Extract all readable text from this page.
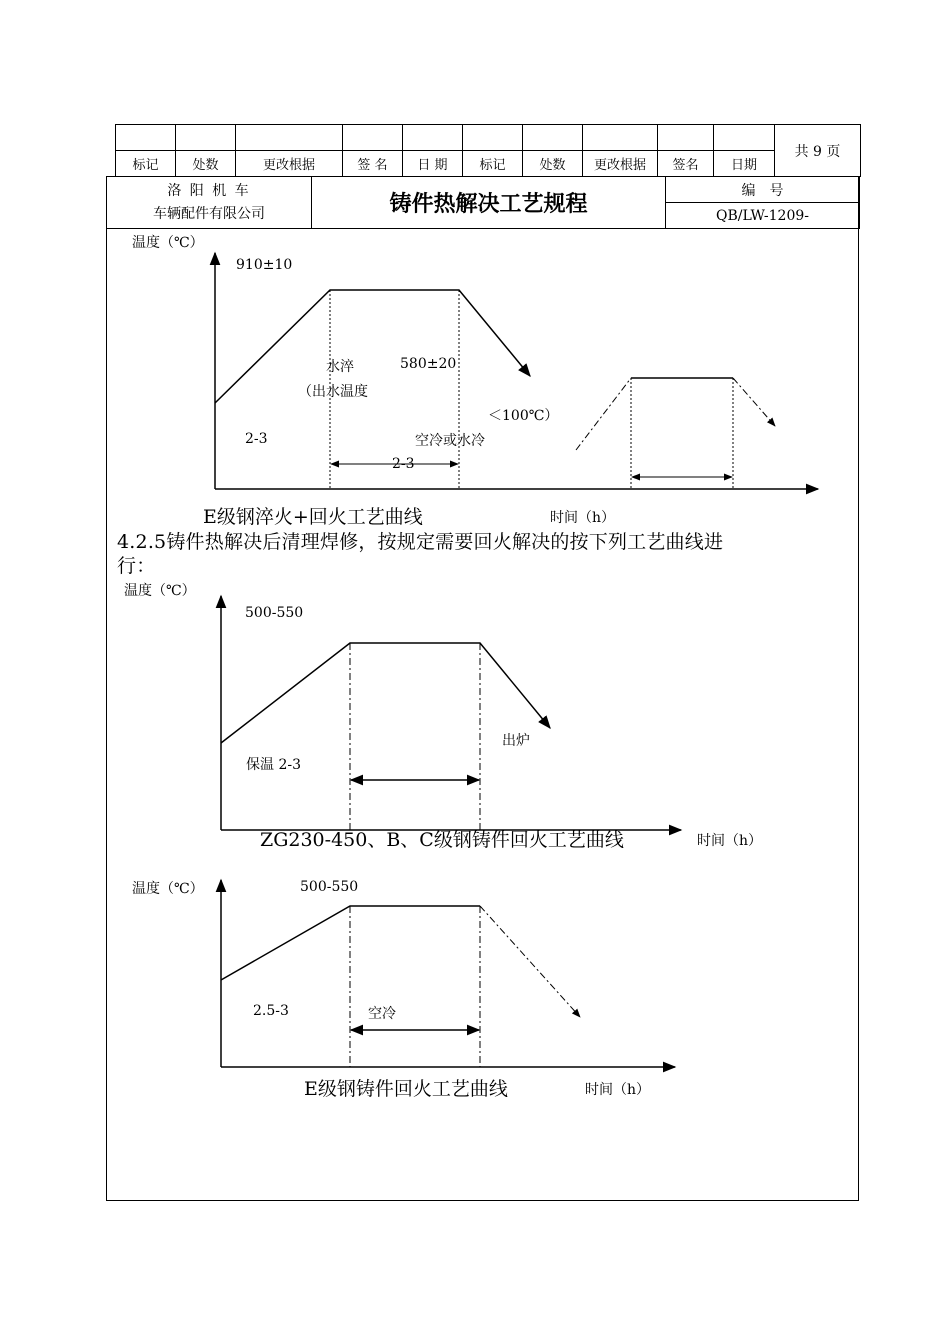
										共 9 页
标记	处数	更改根据	签 名	日 期	标记	处数	更改根据	签名	日期	
洛 阳 机 车
车辆配件有限公司	铸件热解决工艺规程	编　号
QB/LW-1209-
温度（℃）
910±10
水淬
（出水温度
580±20
＜100℃）
2-3	空冷或水冷
2-3
时间（h）
E级钢淬火+回火工艺曲线
4.2.5铸件热解决后清理焊修，按规定需要回火解决的按下列工艺曲线进
行：
温度（℃）
500-550
出炉
保温 2-3
ZG230-450、B、C级钢铸件回火工艺曲线	时间（h）
温度（℃）	500-550
2.5-3	空冷
E级钢铸件回火工艺曲线	时间（h）
